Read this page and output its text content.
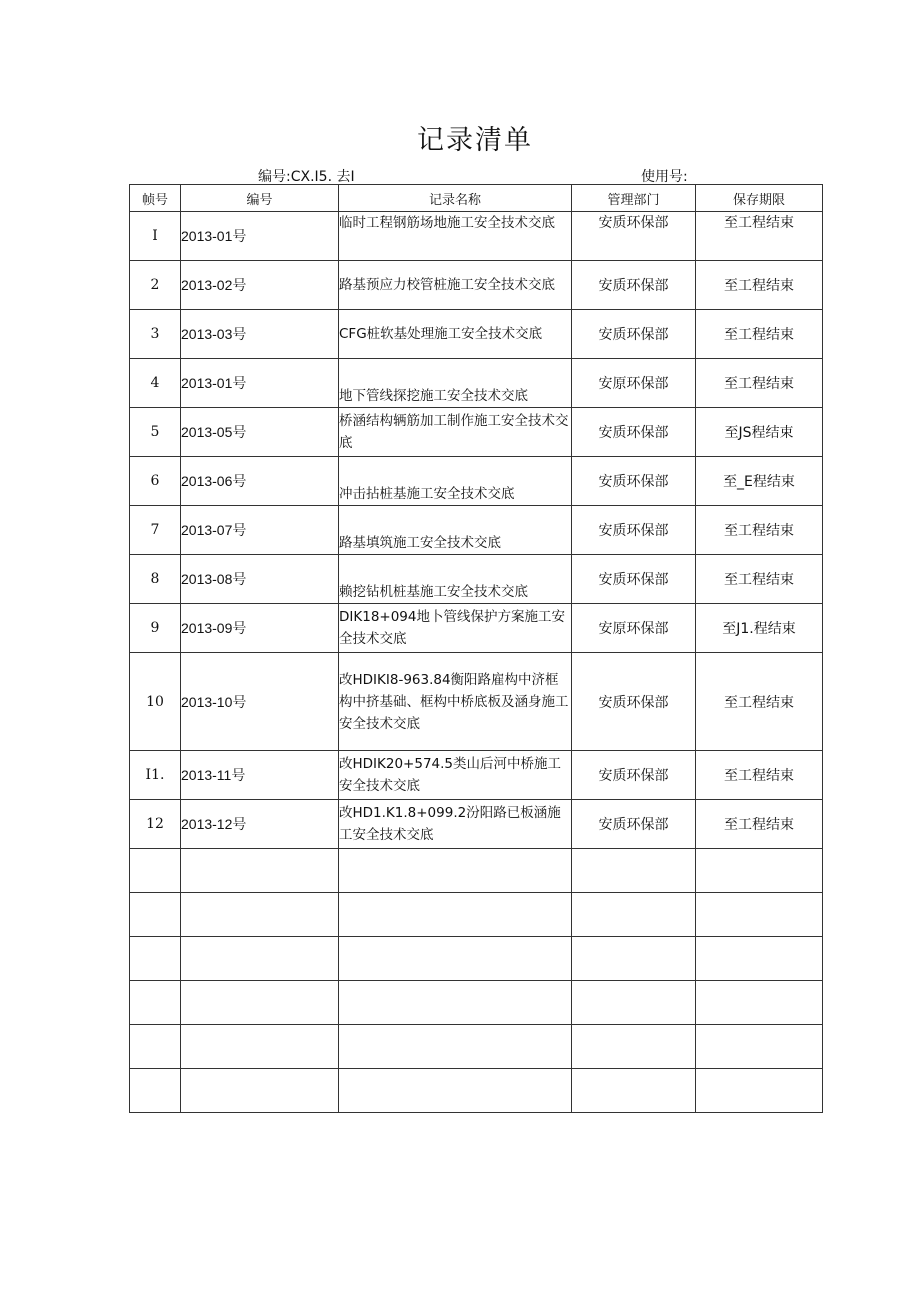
记录清单
编号:CX.I5. 去I	使用号:
帧号	编号	记录名称	管理部门	保存期限
I	2013-01号	临时工程钢筋场地施工安全技术交底	安质环保部	至工程结束
2	2013-02号	路基预应力校管桩施工安全技术交底	安质环保部	至工程结束
3	2013-03号	CFG桩软基处理施工安全技术交底	安质环保部	至工程结束
4	2013-01号	地下管线探挖施工安全技术交底	安原环保部	至工程结束
5	2013-05号	桥涵结构辆筋加工制作施工安全技术交底	安质环保部	至JS程结束
6	2013-06号	冲击拈桩基施工安全技术交底	安质环保部	至_E程结束
7	2013-07号	路基填筑施工安全技术交底	安质环保部	至工程结束
8	2013-08号	赖挖钻机桩基施工安全技术交底	安质环保部	至工程结束
9	2013-09号	DIK18+094地卜管线保护方案施工安全技术交底	安原环保部	至J1.程结束
10	2013-10号	改HDIKI8-963.84衡阳路雇构中济框构中挤基础、框构中桥底板及涵身施工安全技术交底	安质环保部	至工程结束
I1.	2013-11号	改HDIK20+574.5类山后河中桥施工安全技术交底	安质环保部	至工程结束
12	2013-12号	改HD1.K1.8+099.2汾阳路已板涵施工安全技术交底	安质环保部	至工程结束
